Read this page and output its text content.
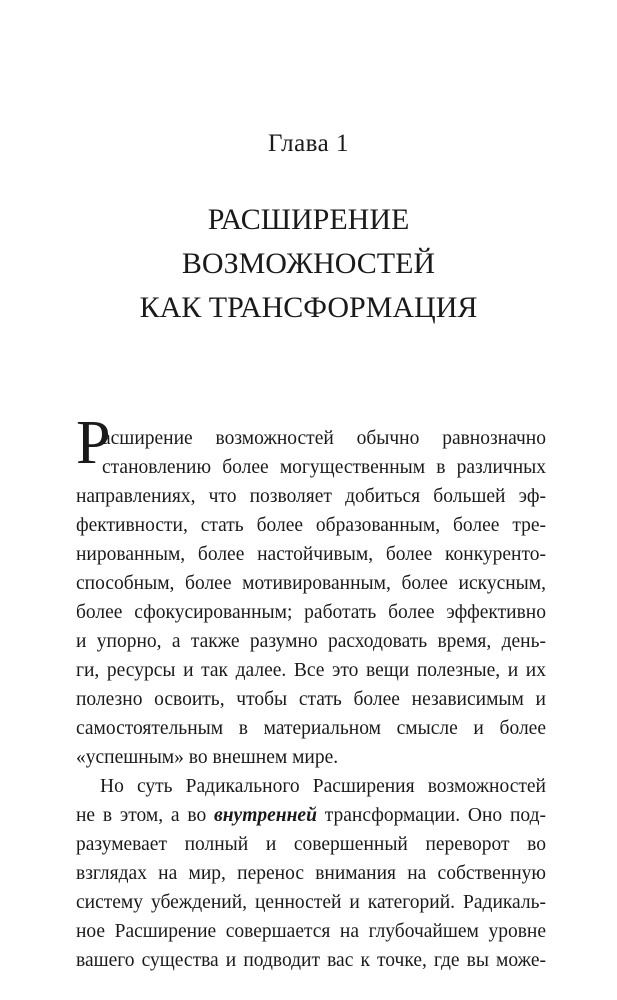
Глава 1
РАСШИРЕНИЕ
ВОЗМОЖНОСТЕЙ
КАК ТРАНСФОРМАЦИЯ
Р
асширение возможностей обычно равнозначно
становлению более могущественным в различных
направлениях, что позволяет добиться большей эф-
фективности, стать более образованным, более тре-
нированным, более настойчивым, более конкуренто-
способным, более мотивированным, более искусным,
более сфокусированным; работать более эффективно
и упорно, а также разумно расходовать время, день-
ги, ресурсы и так далее. Все это вещи полезные, и их
полезно освоить, чтобы стать более независимым и
самостоятельным в материальном смысле и более
«успешным» во внешнем мире.
Но суть Радикального Расширения возможностей
не в этом, а во внутренней трансформации. Оно под-
разумевает полный и совершенный переворот во
взглядах на мир, перенос внимания на собственную
систему убеждений, ценностей и категорий. Радикаль-
ное Расширение совершается на глубочайшем уровне
вашего существа и подводит вас к точке, где вы може-
